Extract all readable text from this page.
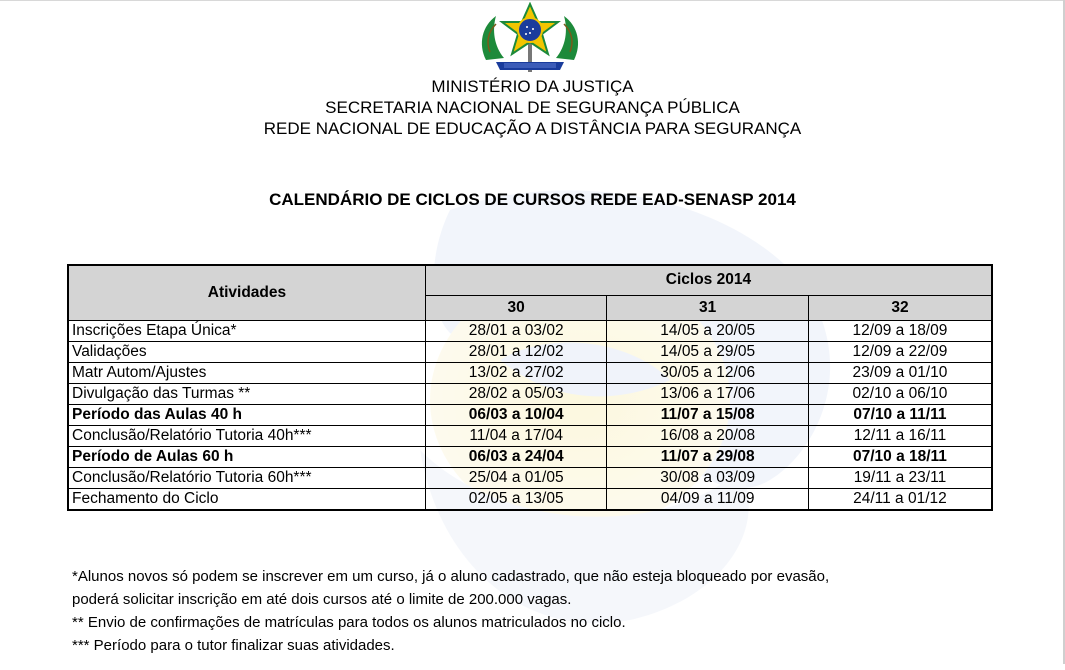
MINISTÉRIO DA JUSTIÇA
SECRETARIA NACIONAL DE SEGURANÇA PÚBLICA
REDE NACIONAL DE EDUCAÇÃO A DISTÂNCIA PARA SEGURANÇA
CALENDÁRIO DE CICLOS DE CURSOS REDE EAD-SENASP 2014
Atividades	Ciclos 2014		
	30	31	32
Inscrições Etapa Única*	28/01 a 03/02	14/05 a 20/05	12/09 a 18/09
Validações	28/01 a 12/02	14/05 a 29/05	12/09 a 22/09
Matr Autom/Ajustes	13/02 a 27/02	30/05 a 12/06	23/09 a 01/10
Divulgação das Turmas **	28/02 a 05/03	13/06 a 17/06	02/10 a 06/10
Período das Aulas 40 h	06/03 a 10/04	11/07 a 15/08	07/10 a 11/11
Conclusão/Relatório Tutoria 40h***	11/04 a 17/04	16/08 a 20/08	12/11 a 16/11
Período de Aulas 60 h	06/03 a 24/04	11/07 a 29/08	07/10 a 18/11
Conclusão/Relatório Tutoria 60h***	25/04 a 01/05	30/08 a 03/09	19/11 a 23/11
Fechamento do Ciclo	02/05 a 13/05	04/09 a 11/09	24/11 a 01/12
*Alunos novos só podem se inscrever em um curso, já o aluno cadastrado, que não esteja bloqueado por evasão,
poderá solicitar inscrição em até dois cursos até o limite de 200.000 vagas.
** Envio de confirmações de matrículas para todos os alunos matriculados no ciclo.
*** Período para o tutor finalizar suas atividades.
